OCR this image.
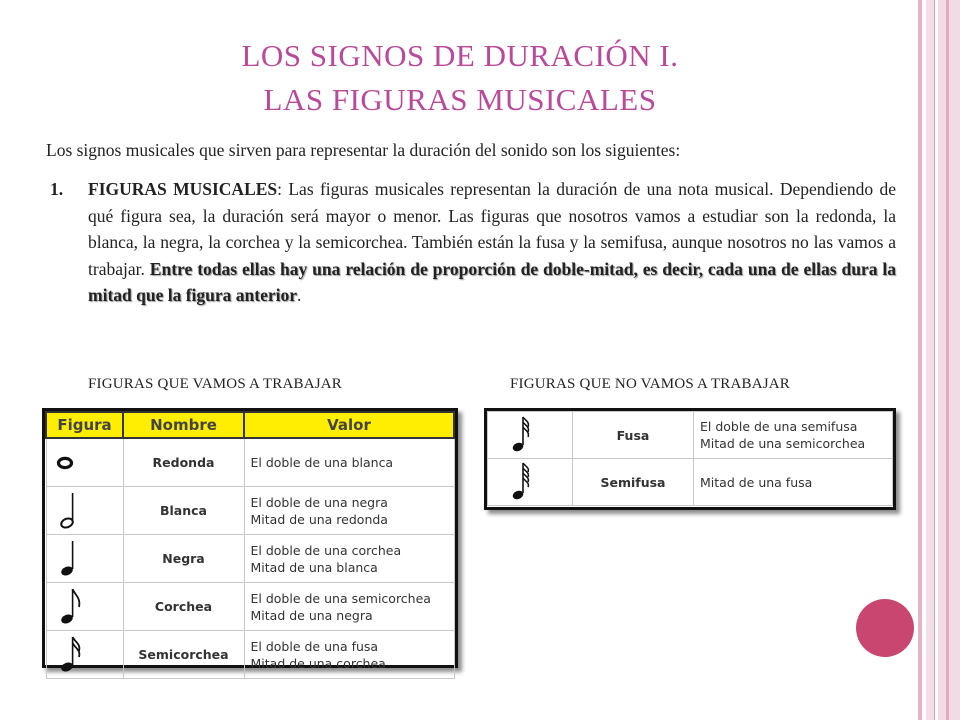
LOS SIGNOS DE DURACIÓN I.
LAS FIGURAS MUSICALES
Los signos musicales que sirven para representar la duración del sonido son los siguientes:
1. FIGURAS MUSICALES: Las figuras musicales representan la duración de una nota musical. Dependiendo de qué figura sea, la duración será mayor o menor. Las figuras que nosotros vamos a estudiar son la redonda, la blanca, la negra, la corchea y la semicorchea. También están la fusa y la semifusa, aunque nosotros no las vamos a trabajar. Entre todas ellas hay una relación de proporción de doble-mitad, es decir, cada una de ellas dura la mitad que la figura anterior.
FIGURAS QUE VAMOS A TRABAJAR	FIGURAS QUE NO VAMOS A TRABAJAR
Figura	Nombre	Valor

	Redonda	El doble de una blanca

	Blanca	El doble de una negra
Mitad de una redonda

	Negra	El doble de una corchea
Mitad de una blanca

	Corchea	El doble de una semicorchea
Mitad de una negra

	Semicorchea	El doble de una fusa
Mitad de una corchea
	Fusa	El doble de una semifusa
Mitad de una semicorchea

	Semifusa	Mitad de una fusa
